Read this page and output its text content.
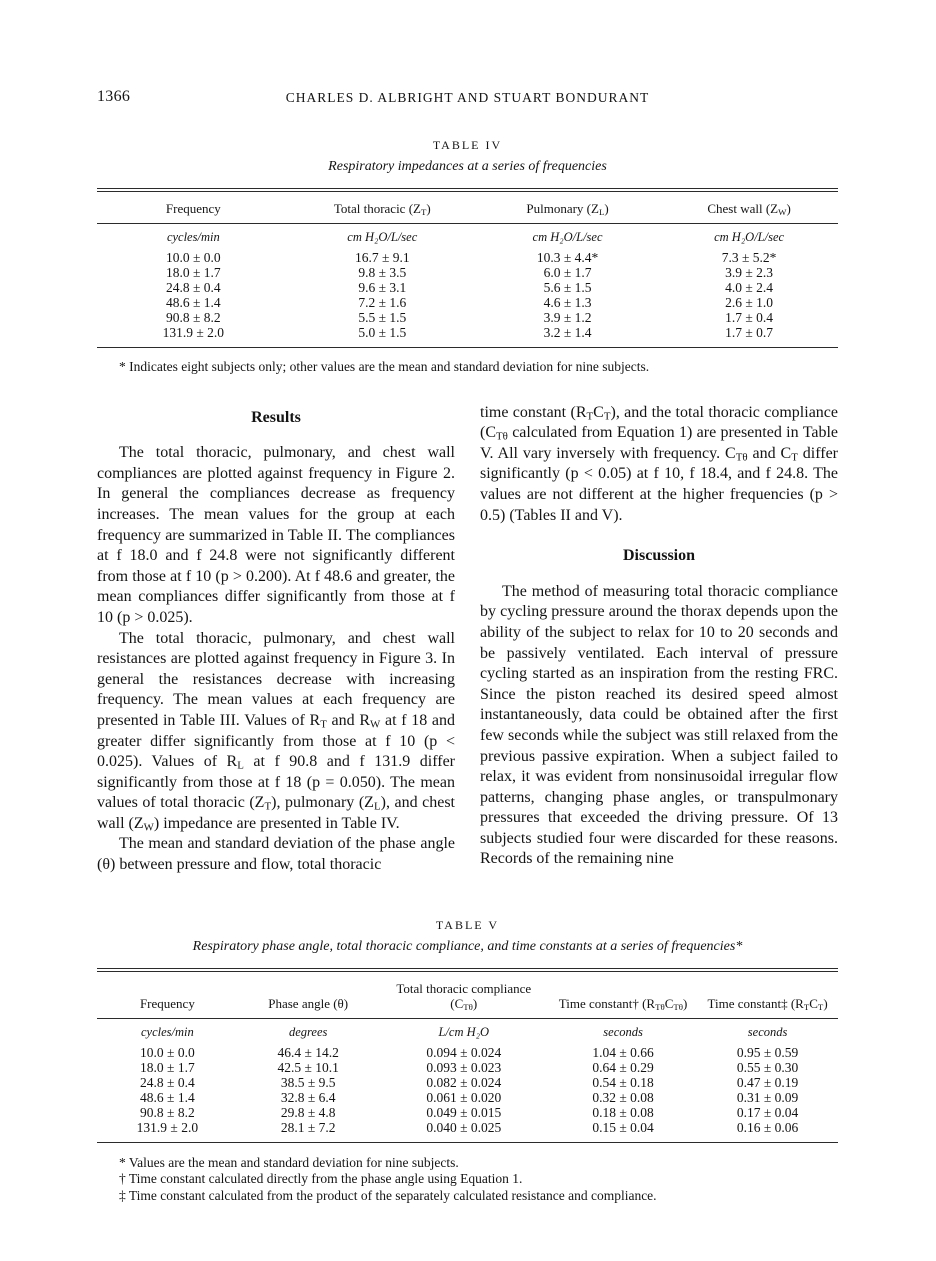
1366	CHARLES D. ALBRIGHT AND STUART BONDURANT
TABLE IV
Respiratory impedances at a series of frequencies
Frequency	Total thoracic $(Z_T)$	Pulmonary $(Z_L)$	Chest wall $(Z_W)$
cycles/min	cm H₂O/L/sec	cm H₂O/L/sec	cm H₂O/L/sec
10.0 ± 0.0	16.7 ± 9.1	10.3 ± 4.4*	7.3 ± 5.2*
18.0 ± 1.7	9.8 ± 3.5	6.0 ± 1.7	3.9 ± 2.3
24.8 ± 0.4	9.6 ± 3.1	5.6 ± 1.5	4.0 ± 2.4
48.6 ± 1.4	7.2 ± 1.6	4.6 ± 1.3	2.6 ± 1.0
90.8 ± 8.2	5.5 ± 1.5	3.9 ± 1.2	1.7 ± 0.4
131.9 ± 2.0	5.0 ± 1.5	3.2 ± 1.4	1.7 ± 0.7
* Indicates eight subjects only; other values are the mean and standard deviation for nine subjects.
Results

The total thoracic, pulmonary, and chest wall compliances are plotted against frequency in Figure 2. In general the compliances decrease as frequency increases. The mean values for the group at each frequency are summarized in Table II. The compliances at f 18.0 and f 24.8 were not significantly different from those at f 10 (p > 0.200). At f 48.6 and greater, the mean compliances differ significantly from those at f 10 (p > 0.025).

The total thoracic, pulmonary, and chest wall resistances are plotted against frequency in Figure 3. In general the resistances decrease with increasing frequency. The mean values at each frequency are presented in Table III. Values of $R_T$ and $R_W$ at f 18 and greater differ significantly from those at f 10 (p < 0.025). Values of $R_L$ at f 90.8 and f 131.9 differ significantly from those at f 18 (p = 0.050). The mean values of total thoracic $(Z_T)$, pulmonary $(Z_L)$, and chest wall $(Z_W)$ impedance are presented in Table IV.

The mean and standard deviation of the phase angle (θ) between pressure and flow, total thoracic

time constant $(R_TC_T)$, and the total thoracic compliance ($C_{T\theta}$ calculated from Equation 1) are presented in Table V. All vary inversely with frequency. $C_{T\theta}$ and $C_T$ differ significantly (p < 0.05) at f 10, f 18.4, and f 24.8. The values are not different at the higher frequencies (p > 0.5) (Tables II and V).

Discussion

The method of measuring total thoracic compliance by cycling pressure around the thorax depends upon the ability of the subject to relax for 10 to 20 seconds and be passively ventilated. Each interval of pressure cycling started as an inspiration from the resting FRC. Since the piston reached its desired speed almost instantaneously, data could be obtained after the first few seconds while the subject was still relaxed from the previous passive expiration. When a subject failed to relax, it was evident from nonsinusoidal irregular flow patterns, changing phase angles, or transpulmonary pressures that exceeded the driving pressure. Of 13 subjects studied four were discarded for these reasons. Records of the remaining nine

TABLE V
Respiratory phase angle, total thoracic compliance, and time constants at a series of frequencies*
Frequency	Phase angle (θ)	Total thoracic compliance $(C_{T\theta})$	Time constant† $(R_{T\theta}C_{T\theta})$	Time constant‡ $(R_TC_T)$
cycles/min	degrees	L/cm H₂O	seconds	seconds
10.0 ± 0.0	46.4 ± 14.2	0.094 ± 0.024	1.04 ± 0.66	0.95 ± 0.59
18.0 ± 1.7	42.5 ± 10.1	0.093 ± 0.023	0.64 ± 0.29	0.55 ± 0.30
24.8 ± 0.4	38.5 ± 9.5	0.082 ± 0.024	0.54 ± 0.18	0.47 ± 0.19
48.6 ± 1.4	32.8 ± 6.4	0.061 ± 0.020	0.32 ± 0.08	0.31 ± 0.09
90.8 ± 8.2	29.8 ± 4.8	0.049 ± 0.015	0.18 ± 0.08	0.17 ± 0.04
131.9 ± 2.0	28.1 ± 7.2	0.040 ± 0.025	0.15 ± 0.04	0.16 ± 0.06
* Values are the mean and standard deviation for nine subjects.
† Time constant calculated directly from the phase angle using Equation 1.
‡ Time constant calculated from the product of the separately calculated resistance and compliance.
